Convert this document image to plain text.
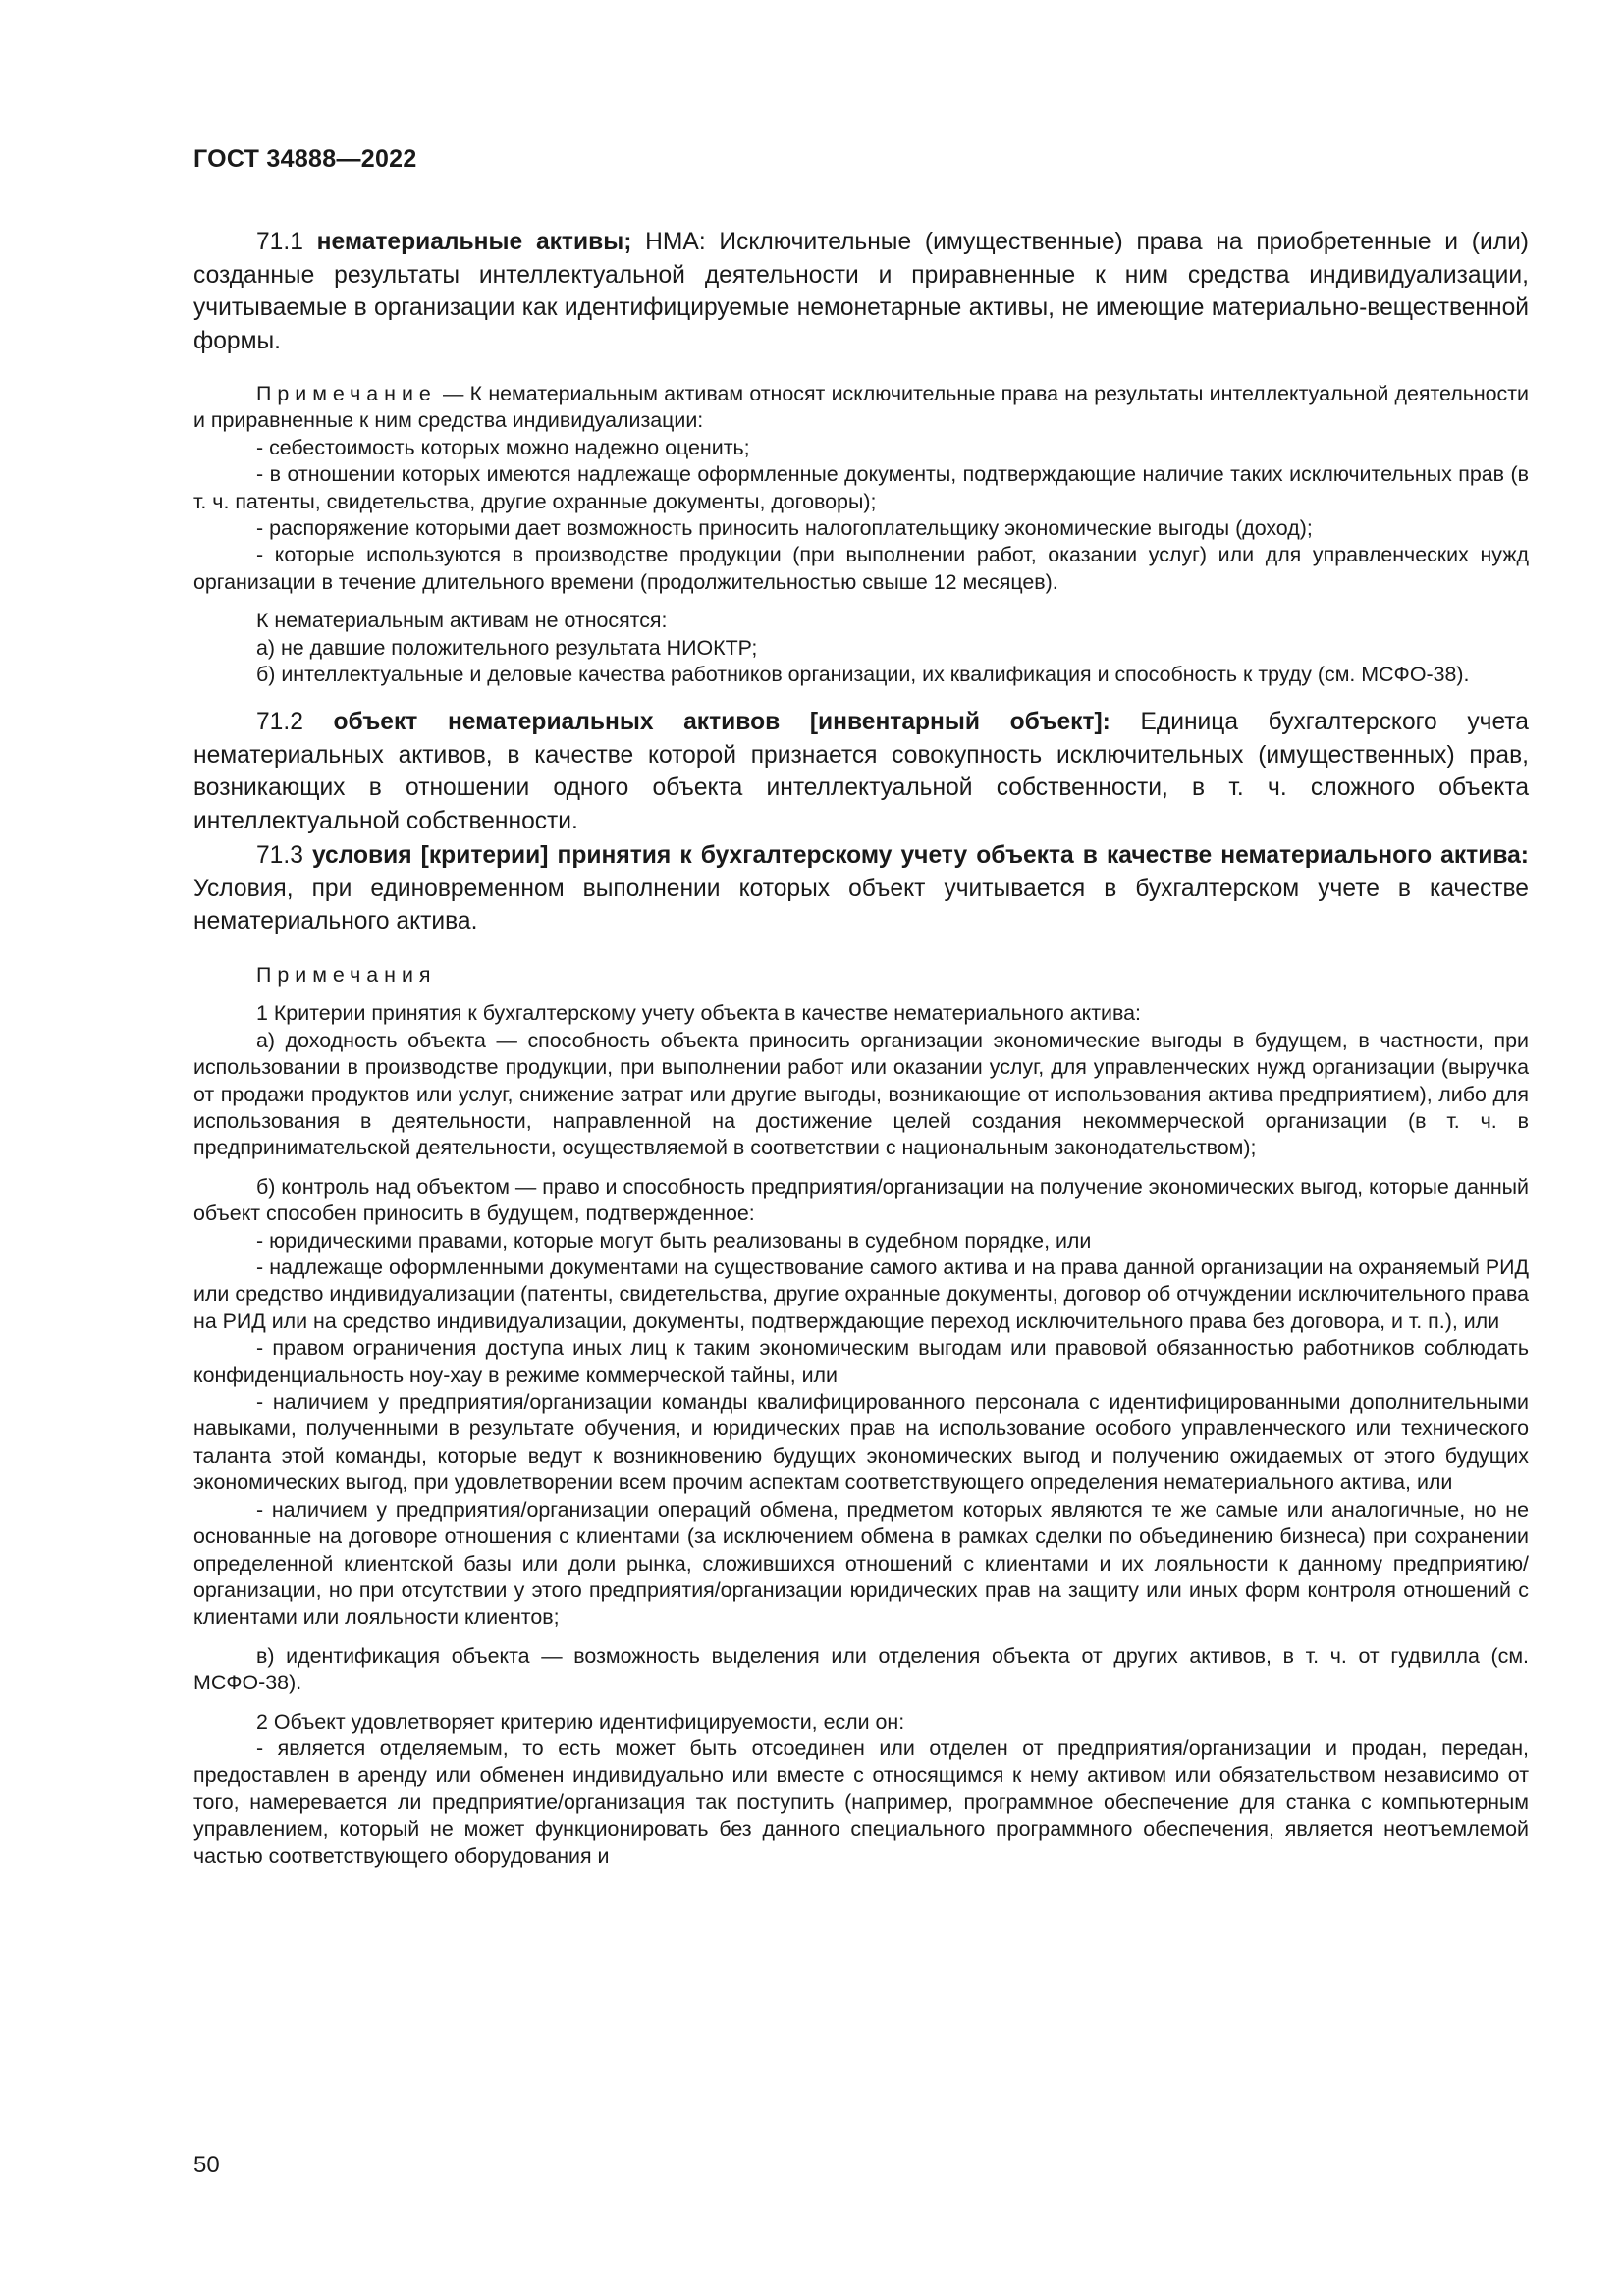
ГОСТ 34888—2022

71.1 нематериальные активы; НМА: Исключительные (имущественные) права на приобретенные и (или) созданные результаты интеллектуальной деятельности и приравненные к ним средства индивидуализации, учитываемые в организации как идентифицируемые немонетарные активы, не имеющие материально-вещественной формы.

Примечание — К нематериальным активам относят исключительные права на результаты интеллектуальной деятельности и приравненные к ним средства индивидуализации:

- себестоимость которых можно надежно оценить;

- в отношении которых имеются надлежаще оформленные документы, подтверждающие наличие таких исключительных прав (в т. ч. патенты, свидетельства, другие охранные документы, договоры);

- распоряжение которыми дает возможность приносить налогоплательщику экономические выгоды (доход);

- которые используются в производстве продукции (при выполнении работ, оказании услуг) или для управленческих нужд организации в течение длительного времени (продолжительностью свыше 12 месяцев).

К нематериальным активам не относятся:

а) не давшие положительного результата НИОКТР;

б) интеллектуальные и деловые качества работников организации, их квалификация и способность к труду (см. МСФО-38).

71.2 объект нематериальных активов [инвентарный объект]: Единица бухгалтерского учета нематериальных активов, в качестве которой признается совокупность исключительных (имущественных) прав, возникающих в отношении одного объекта интеллектуальной собственности, в т. ч. сложного объекта интеллектуальной собственности.

71.3 условия [критерии] принятия к бухгалтерскому учету объекта в качестве нематериального актива: Условия, при единовременном выполнении которых объект учитывается в бухгалтерском учете в качестве нематериального актива.

Примечания

1 Критерии принятия к бухгалтерскому учету объекта в качестве нематериального актива:

а) доходность объекта — способность объекта приносить организации экономические выгоды в будущем, в частности, при использовании в производстве продукции, при выполнении работ или оказании услуг, для управленческих нужд организации (выручка от продажи продуктов или услуг, снижение затрат или другие выгоды, возникающие от использования актива предприятием), либо для использования в деятельности, направленной на достижение целей создания некоммерческой организации (в т. ч. в предпринимательской деятельности, осуществляемой в соответствии с национальным законодательством);

б) контроль над объектом — право и способность предприятия/организации на получение экономических выгод, которые данный объект способен приносить в будущем, подтвержденное:

- юридическими правами, которые могут быть реализованы в судебном порядке, или

- надлежаще оформленными документами на существование самого актива и на права данной организации на охраняемый РИД или средство индивидуализации (патенты, свидетельства, другие охранные документы, договор об отчуждении исключительного права на РИД или на средство индивидуализации, документы, подтверждающие переход исключительного права без договора, и т. п.), или

- правом ограничения доступа иных лиц к таким экономическим выгодам или правовой обязанностью работников соблюдать конфиденциальность ноу-хау в режиме коммерческой тайны, или

- наличием у предприятия/организации команды квалифицированного персонала с идентифицированными дополнительными навыками, полученными в результате обучения, и юридических прав на использование особого управленческого или технического таланта этой команды, которые ведут к возникновению будущих экономических выгод и получению ожидаемых от этого будущих экономических выгод, при удовлетворении всем прочим аспектам соответствующего определения нематериального актива, или

- наличием у предприятия/организации операций обмена, предметом которых являются те же самые или аналогичные, но не основанные на договоре отношения с клиентами (за исключением обмена в рамках сделки по объединению бизнеса) при сохранении определенной клиентской базы или доли рынка, сложившихся отношений с клиентами и их лояльности к данному предприятию/организации, но при отсутствии у этого предприятия/организации юридических прав на защиту или иных форм контроля отношений с клиентами или лояльности клиентов;

в) идентификация объекта — возможность выделения или отделения объекта от других активов, в т. ч. от гудвилла (см. МСФО-38).

2 Объект удовлетворяет критерию идентифицируемости, если он:

- является отделяемым, то есть может быть отсоединен или отделен от предприятия/организации и продан, передан, предоставлен в аренду или обменен индивидуально или вместе с относящимся к нему активом или обязательством независимо от того, намеревается ли предприятие/организация так поступить (например, программное обеспечение для станка с компьютерным управлением, который не может функционировать без данного специального программного обеспечения, является неотъемлемой частью соответствующего оборудования и

50
